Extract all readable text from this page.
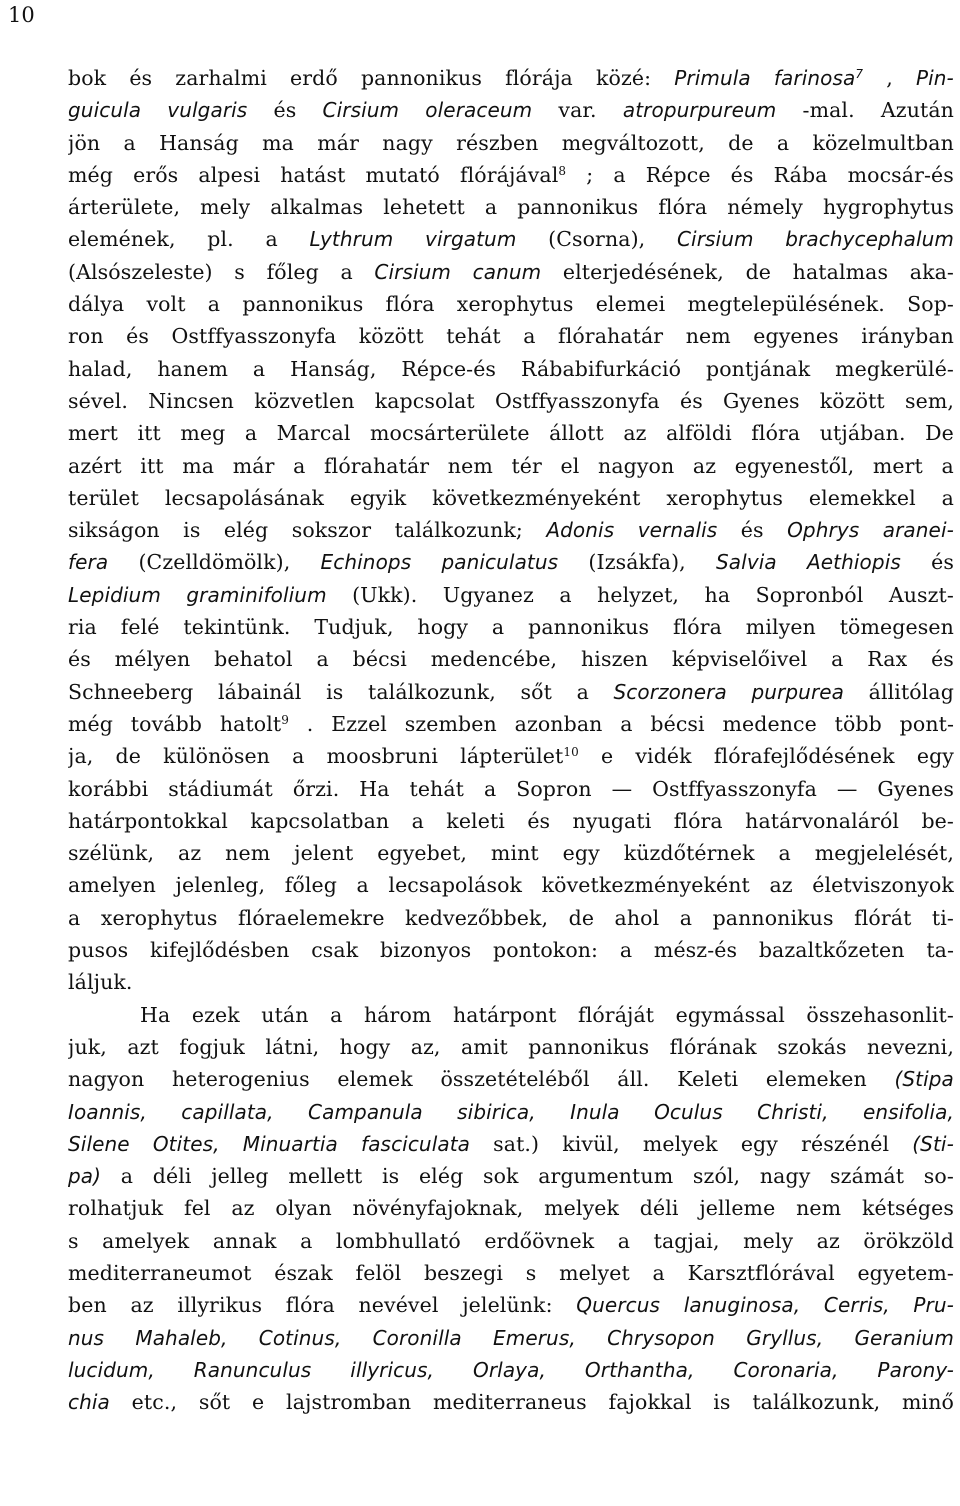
10
bok és zarhalmi erdő pannonikus flórája közé: Primula farinosa$^7$ , Pin-
guicula vulgaris és Cirsium oleraceum var. atropurpureum -mal. Azután
jön a Hanság ma már nagy részben megváltozott, de a közelmultban
még erős alpesi hatást mutató flórájával$^8$ ; a Répce és Rába mocsár-és
árterülete, mely alkalmas lehetett a pannonikus flóra némely hygrophytus
elemének, pl. a Lythrum virgatum (Csorna), Cirsium brachycephalum
(Alsószeleste) s főleg a Cirsium canum elterjedésének, de hatalmas aka-
dálya volt a pannonikus flóra xerophytus elemei megtelepülésének. Sop-
ron és Ostffyasszonyfa között tehát a flórahatár nem egyenes irányban
halad, hanem a Hanság, Répce-és Rábabifurkáció pontjának megkerülé-
sével. Nincsen közvetlen kapcsolat Ostffyasszonyfa és Gyenes között sem,
mert itt meg a Marcal mocsárterülete állott az alföldi flóra utjában. De
azért itt ma már a flórahatár nem tér el nagyon az egyenestől, mert a
terület lecsapolásának egyik következményeként xerophytus elemekkel a
sikságon is elég sokszor találkozunk; Adonis vernalis és Ophrys aranei-
fera (Czelldömölk), Echinops paniculatus (Izsákfa), Salvia Aethiopis és
Lepidium graminifolium (Ukk). Ugyanez a helyzet, ha Sopronból Auszt-
ria felé tekintünk. Tudjuk, hogy a pannonikus flóra milyen tömegesen
és mélyen behatol a bécsi medencébe, hiszen képviselőivel a Rax és
Schneeberg lábainál is találkozunk, sőt a Scorzonera purpurea állitólag
még tovább hatolt$^9$ . Ezzel szemben azonban a bécsi medence több pont-
ja, de különösen a moosbruni lápterület$^{10}$ e vidék flórafejlődésének egy
korábbi stádiumát őrzi. Ha tehát a Sopron — Ostffyasszonyfa — Gyenes
határpontokkal kapcsolatban a keleti és nyugati flóra határvonaláról be-
szélünk, az nem jelent egyebet, mint egy küzdőtérnek a megjelelését,
amelyen jelenleg, főleg a lecsapolások következményeként az életviszonyok
a xerophytus flóraelemekre kedvezőbbek, de ahol a pannonikus flórát ti-
pusos kifejlődésben csak bizonyos pontokon: a mész-és bazaltkőzeten ta-
láljuk.
Ha ezek után a három határpont flóráját egymással összehasonlit-
juk, azt fogjuk látni, hogy az, amit pannonikus flórának szokás nevezni,
nagyon heterogenius elemek összetételéből áll. Keleti elemeken (Stipa
Ioannis, capillata, Campanula sibirica, Inula Oculus Christi, ensifolia,
Silene Otites, Minuartia fasciculata sat.) kivül, melyek egy részénél (Sti-
pa) a déli jelleg mellett is elég sok argumentum szól, nagy számát so-
rolhatjuk fel az olyan növényfajoknak, melyek déli jelleme nem kétséges
s amelyek annak a lombhullató erdőövnek a tagjai, mely az örökzöld
mediterraneumot észak felöl beszegi s melyet a Karsztflórával egyetem-
ben az illyrikus flóra nevével jelelünk: Quercus lanuginosa, Cerris, Pru-
nus Mahaleb, Cotinus, Coronilla Emerus, Chrysopon Gryllus, Geranium
lucidum, Ranunculus illyricus, Orlaya, Orthantha, Coronaria, Parony-
chia etc., sőt e lajstromban mediterraneus fajokkal is találkozunk, minő
